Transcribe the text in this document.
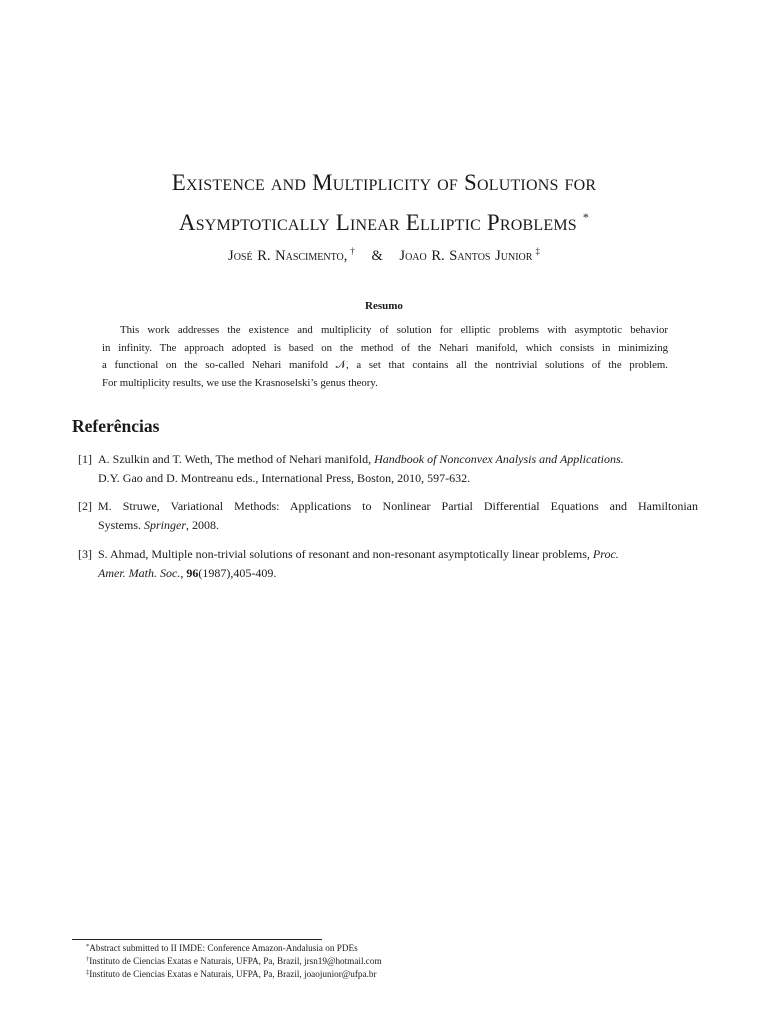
Existence and Multiplicity of Solutions for
Asymptotically Linear Elliptic Problems *
José R. Nascimento, † & Joao R. Santos Junior ‡
Resumo
This work addresses the existence and multiplicity of solution for elliptic problems with asymptotic behavior
in infinity. The approach adopted is based on the method of the Nehari manifold, which consists in minimizing
a functional on the so-called Nehari manifold 𝒩, a set that contains all the nontrivial solutions of the problem.
For multiplicity results, we use the Krasnoselski’s genus theory.
Referências
[1] A. Szulkin and T. Weth, The method of Nehari manifold, Handbook of Nonconvex Analysis and Applications.
D.Y. Gao and D. Montreanu eds., International Press, Boston, 2010, 597-632.
[2] M. Struwe, Variational Methods: Applications to Nonlinear Partial Differential Equations and Hamiltonian
Systems. Springer, 2008.
[3] S. Ahmad, Multiple non-trivial solutions of resonant and non-resonant asymptotically linear problems, Proc.
Amer. Math. Soc., 96(1987),405-409.
*Abstract submitted to II IMDE: Conference Amazon-Andalusia on PDEs
†Instituto de Ciencias Exatas e Naturais, UFPA, Pa, Brazil, jrsn19@hotmail.com
‡Instituto de Ciencias Exatas e Naturais, UFPA, Pa, Brazil, joaojunior@ufpa.br
